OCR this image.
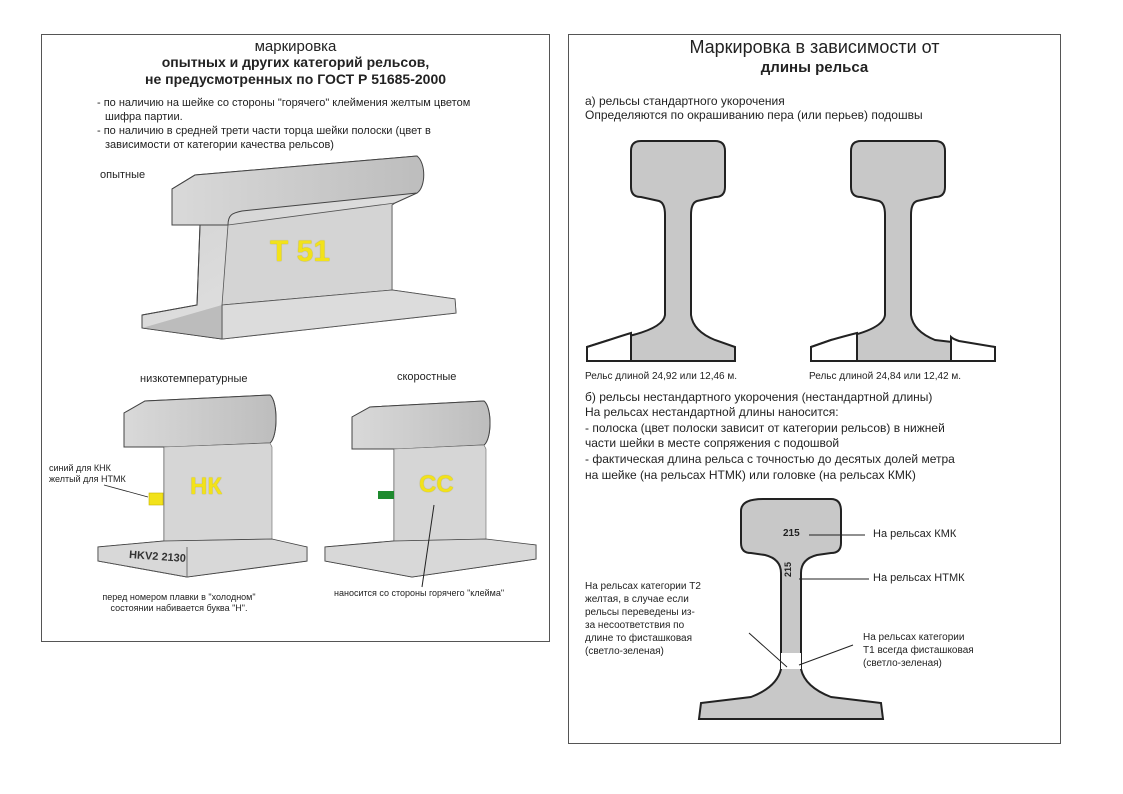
маркировка
опытных и других категорий рельсов,
не предусмотренных по ГОСТ Р 51685-2000
- по наличию на шейке со стороны "горячего" клеймения желтым цветом
шифра партии.
- по наличию в средней трети части торца шейки полоски (цвет в
зависимости от категории качества рельсов)
опытные
Т 51
низкотемпературные	скоростные
НК	СС
синий для КНК
желтый для НТМК
HKV2 2130
перед номером плавки в "холодном"
состоянии набивается буква "Н".
наносится со стороны горячего "клейма"
Маркировка в зависимости от
длины рельса
а) рельсы стандартного укорочения
Определяются по окрашиванию пера (или перьев) подошвы
Рельс длиной 24,92 или 12,46 м.	Рельс длиной 24,84 или 12,42 м.
б) рельсы нестандартного укорочения (нестандартной длины)
На рельсах нестандартной длины наносится:
- полоска (цвет полоски зависит от категории рельсов) в нижней
части шейки в месте сопряжения с подошвой
- фактическая длина рельса с точностью до десятых долей метра
на шейке (на рельсах НТМК) или головке (на рельсах КМК)
215
215
На рельсах КМК
На рельсах НТМК
На рельсах категории Т2
желтая, в случае если
рельсы переведены из-
за несоответствия по
длине то фисташковая
(светло-зеленая)
На рельсах категории
Т1 всегда фисташковая
(светло-зеленая)
